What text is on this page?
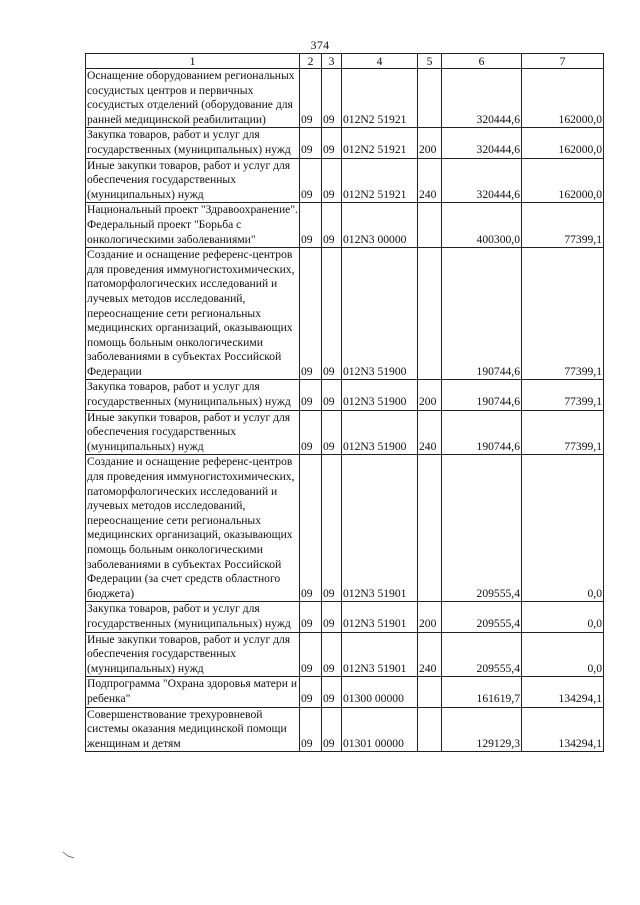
374
1	2	3	4	5	6	7
Оснащение оборудованием региональных сосудистых центров и первичных сосудистых отделений (оборудование для ранней медицинской реабилитации)	09	09	012N2 51921		320444,6	162000,0
Закупка товаров, работ и услуг для государственных (муниципальных) нужд	09	09	012N2 51921	200	320444,6	162000,0
Иные закупки товаров, работ и услуг для обеспечения государственных (муниципальных) нужд	09	09	012N2 51921	240	320444,6	162000,0
Национальный проект "Здравоохранение". Федеральный проект "Борьба с онкологическими заболеваниями"	09	09	012N3 00000		400300,0	77399,1
Создание и оснащение референс-центров для проведения иммуногистохимических, патоморфологических исследований и лучевых методов исследований, переоснащение сети региональных медицинских организаций, оказывающих помощь больным онкологическими заболеваниями в субъектах Российской Федерации	09	09	012N3 51900		190744,6	77399,1
Закупка товаров, работ и услуг для государственных (муниципальных) нужд	09	09	012N3 51900	200	190744,6	77399,1
Иные закупки товаров, работ и услуг для обеспечения государственных (муниципальных) нужд	09	09	012N3 51900	240	190744,6	77399,1
Создание и оснащение референс-центров для проведения иммуногистохимических, патоморфологических исследований и лучевых методов исследований, переоснащение сети региональных медицинских организаций, оказывающих помощь больным онкологическими заболеваниями в субъектах Российской Федерации (за счет средств областного бюджета)	09	09	012N3 51901		209555,4	0,0
Закупка товаров, работ и услуг для государственных (муниципальных) нужд	09	09	012N3 51901	200	209555,4	0,0
Иные закупки товаров, работ и услуг для обеспечения государственных (муниципальных) нужд	09	09	012N3 51901	240	209555,4	0,0
Подпрограмма "Охрана здоровья матери и ребенка"	09	09	01300 00000		161619,7	134294,1
Совершенствование трехуровневой системы оказания медицинской помощи женщинам и детям	09	09	01301 00000		129129,3	134294,1
